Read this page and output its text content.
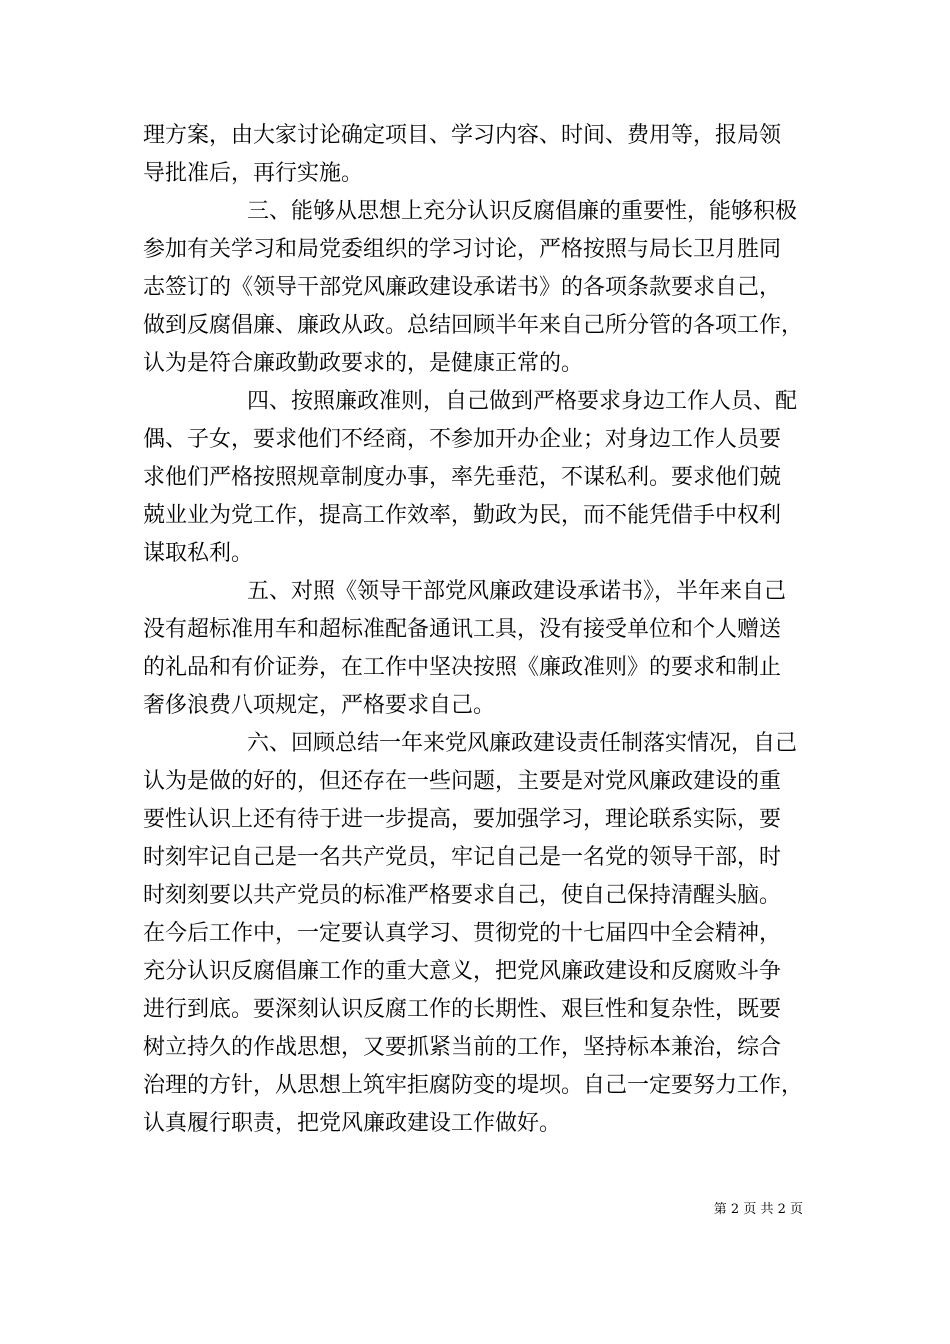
理方案，由大家讨论确定项目、学习内容、时间、费用等，报局领
导批准后，再行实施。
三、能够从思想上充分认识反腐倡廉的重要性，能够积极
参加有关学习和局党委组织的学习讨论，严格按照与局长卫月胜同
志签订的《领导干部党风廉政建设承诺书》的各项条款要求自己，
做到反腐倡廉、廉政从政。总结回顾半年来自己所分管的各项工作，
认为是符合廉政勤政要求的，是健康正常的。
四、按照廉政准则，自己做到严格要求身边工作人员、配
偶、子女，要求他们不经商，不参加开办企业；对身边工作人员要
求他们严格按照规章制度办事，率先垂范，不谋私利。要求他们兢
兢业业为党工作，提高工作效率，勤政为民，而不能凭借手中权利
谋取私利。
五、对照《领导干部党风廉政建设承诺书》，半年来自己
没有超标准用车和超标准配备通讯工具，没有接受单位和个人赠送
的礼品和有价证券，在工作中坚决按照《廉政准则》的要求和制止
奢侈浪费八项规定，严格要求自己。
六、回顾总结一年来党风廉政建设责任制落实情况，自己
认为是做的好的，但还存在一些问题，主要是对党风廉政建设的重
要性认识上还有待于进一步提高，要加强学习，理论联系实际，要
时刻牢记自己是一名共产党员，牢记自己是一名党的领导干部，时
时刻刻要以共产党员的标准严格要求自己，使自己保持清醒头脑。
在今后工作中，一定要认真学习、贯彻党的十七届四中全会精神，
充分认识反腐倡廉工作的重大意义，把党风廉政建设和反腐败斗争
进行到底。要深刻认识反腐工作的长期性、艰巨性和复杂性，既要
树立持久的作战思想，又要抓紧当前的工作，坚持标本兼治，综合
治理的方针，从思想上筑牢拒腐防变的堤坝。自己一定要努力工作，
认真履行职责，把党风廉政建设工作做好。
第 2 页 共 2 页
